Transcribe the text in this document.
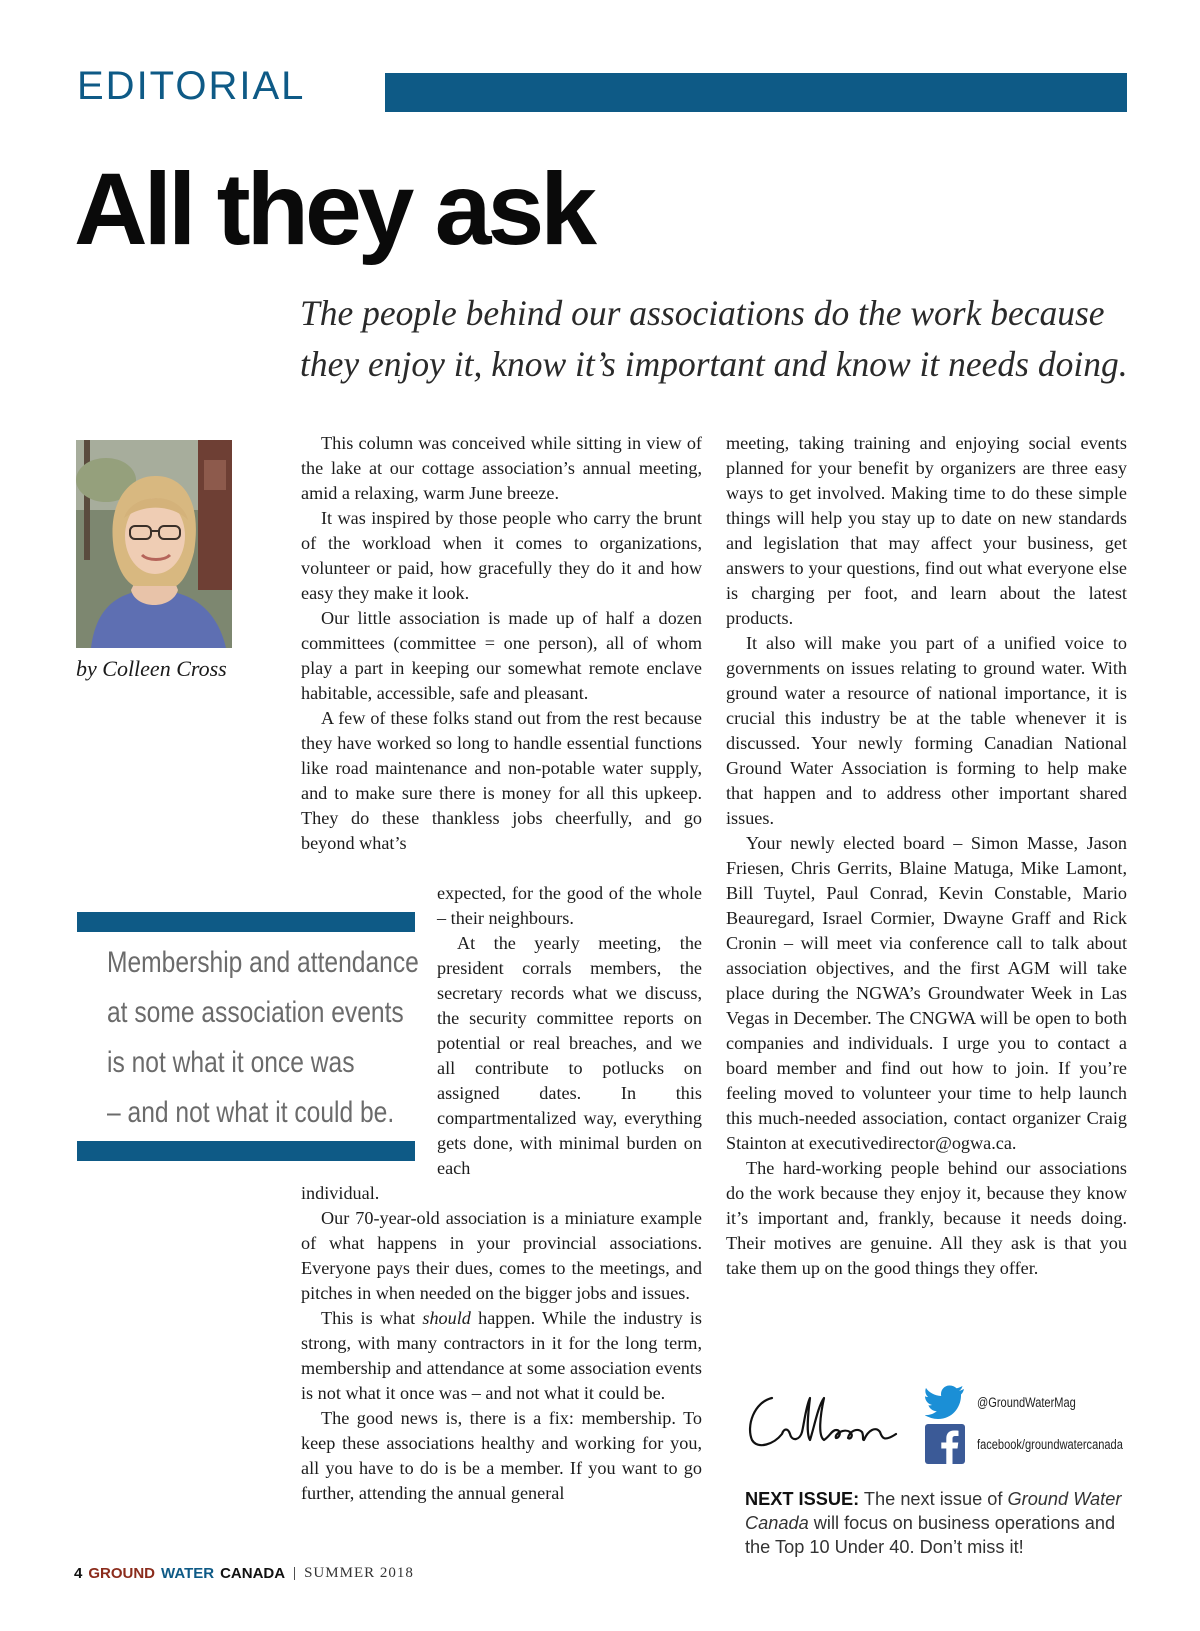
EDITORIAL
All they ask
The people behind our associations do the work because
they enjoy it, know it’s important and know it needs doing.
by Colleen Cross
Membership and attendance
at some association events
is not what it once was
– and not what it could be.

This column was conceived while sitting in view of the lake at our cottage association’s annual meeting, amid a relaxing, warm June breeze.

It was inspired by those people who carry the brunt of the workload when it comes to organizations, volunteer or paid, how gracefully they do it and how easy they make it look.

Our little association is made up of half a dozen committees (committee = one person), all of whom play a part in keeping our somewhat remote enclave habitable, accessible, safe and pleasant.

A few of these folks stand out from the rest because they have worked so long to handle essential functions like road maintenance and non-potable water supply, and to make sure there is money for all this upkeep. They do these thankless jobs cheerfully, and go beyond what’s

expected, for the good of the whole – their neighbours.

At the yearly meeting, the president corrals members, the secretary records what we discuss, the security committee reports on potential or real breaches, and we all contribute to potlucks on assigned dates. In this compartmentalized way, everything gets done, with minimal burden on each

individual.

Our 70-year-old association is a miniature example of what happens in your provincial associations. Everyone pays their dues, comes to the meetings, and pitches in when needed on the bigger jobs and issues.

This is what should happen. While the industry is strong, with many contractors in it for the long term, membership and attendance at some association events is not what it once was – and not what it could be.

The good news is, there is a fix: membership. To keep these associations healthy and working for you, all you have to do is be a member. If you want to go further, attending the annual general

meeting, taking training and enjoying social events planned for your benefit by organizers are three easy ways to get involved. Making time to do these simple things will help you stay up to date on new standards and legislation that may affect your business, get answers to your questions, find out what everyone else is charging per foot, and learn about the latest products.

It also will make you part of a unified voice to governments on issues relating to ground water. With ground water a resource of national importance, it is crucial this industry be at the table whenever it is discussed. Your newly forming Canadian National Ground Water Association is forming to help make that happen and to address other important shared issues.

Your newly elected board – Simon Masse, Jason Friesen, Chris Gerrits, Blaine Matuga, Mike Lamont, Bill Tuytel, Paul Conrad, Kevin Constable, Mario Beauregard, Israel Cormier, Dwayne Graff and Rick Cronin – will meet via conference call to talk about association objectives, and the first AGM will take place during the NGWA’s Groundwater Week in Las Vegas in December. The CNGWA will be open to both companies and individuals. I urge you to contact a board member and find out how to join. If you’re feeling moved to volunteer your time to help launch this much-needed association, contact organizer Craig Stainton at executivedirector@ogwa.ca.

The hard-working people behind our associations do the work because they enjoy it, because they know it’s important and, frankly, because it needs doing. Their motives are genuine. All they ask is that you take them up on the good things they offer.

@GroundWaterMag
facebook/groundwatercanada
NEXT ISSUE: The next issue of Ground Water Canada will focus on business operations and the Top 10 Under 40. Don’t miss it!
4 GROUND WATER CANADA | SUMMER 2018
